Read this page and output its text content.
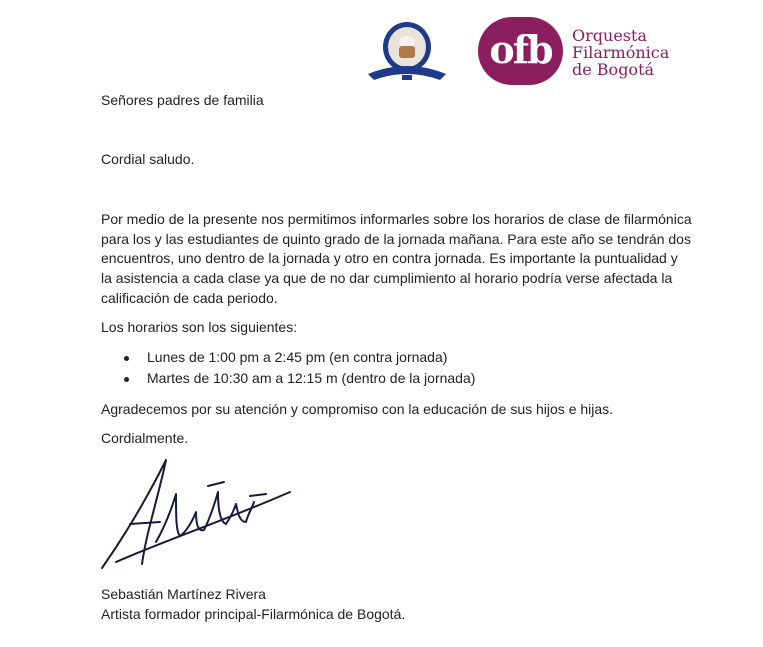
ofb	Orquesta
Filarmónica
de Bogotá

Señores padres de familia

Cordial saludo.

Por medio de la presente nos permitimos informarles sobre los horarios de clase de filarmónica

para los y las estudiantes de quinto grado de la jornada mañana. Para este año se tendrán dos

encuentros, uno dentro de la jornada y otro en contra jornada. Es importante la puntualidad y

la asistencia a cada clase ya que de no dar cumplimiento al horario podría verse afectada la

calificación de cada periodo.

Los horarios son los siguientes:

Lunes de 1:00 pm a 2:45 pm (en contra jornada)
Martes de 10:30 am a 12:15 m (dentro de la jornada)

Agradecemos por su atención y compromiso con la educación de sus hijos e hijas.

Cordialmente.

Sebastián Martínez Rivera

Artista formador principal-Filarmónica de Bogotá.
